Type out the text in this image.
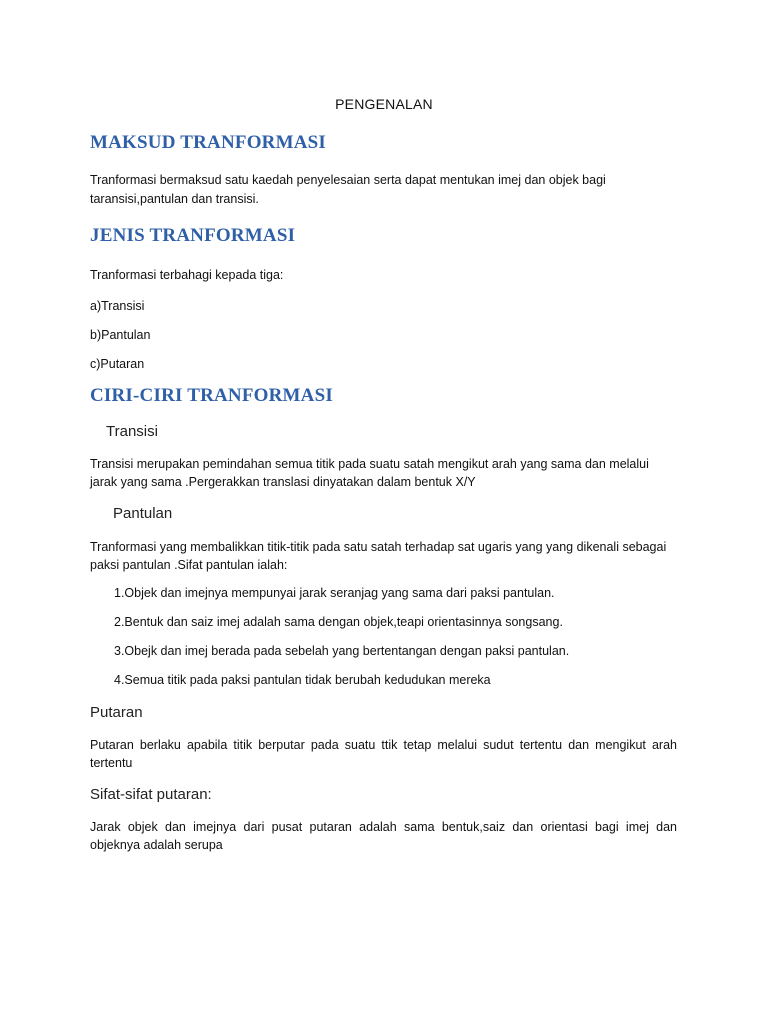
PENGENALAN

MAKSUD TRANFORMASI

Tranformasi bermaksud satu kaedah penyelesaian serta dapat mentukan imej dan objek bagi

taransisi,pantulan dan transisi.

JENIS TRANFORMASI

Tranformasi terbahagi kepada tiga:

a)Transisi

b)Pantulan

c)Putaran

CIRI-CIRI TRANFORMASI
Transisi

Transisi merupakan pemindahan semua titik pada suatu satah mengikut arah yang sama dan melalui

jarak yang sama .Pergerakkan translasi dinyatakan dalam bentuk X/Y

Pantulan

Tranformasi yang membalikkan titik-titik pada satu satah terhadap sat ugaris yang yang dikenali sebagai

paksi pantulan .Sifat pantulan ialah:

1.Objek dan imejnya mempunyai jarak seranjag yang sama dari paksi pantulan.

2.Bentuk dan saiz imej adalah sama dengan objek,teapi orientasinnya songsang.

3.Obejk dan imej berada pada sebelah yang bertentangan dengan paksi pantulan.

4.Semua titik pada paksi pantulan tidak berubah kedudukan mereka

Putaran

Putaran berlaku apabila titik berputar pada suatu ttik tetap melalui sudut tertentu dan mengikut arah tertentu

Sifat-sifat putaran:

Jarak objek dan imejnya dari pusat putaran adalah sama bentuk,saiz dan orientasi bagi imej dan objeknya adalah serupa
